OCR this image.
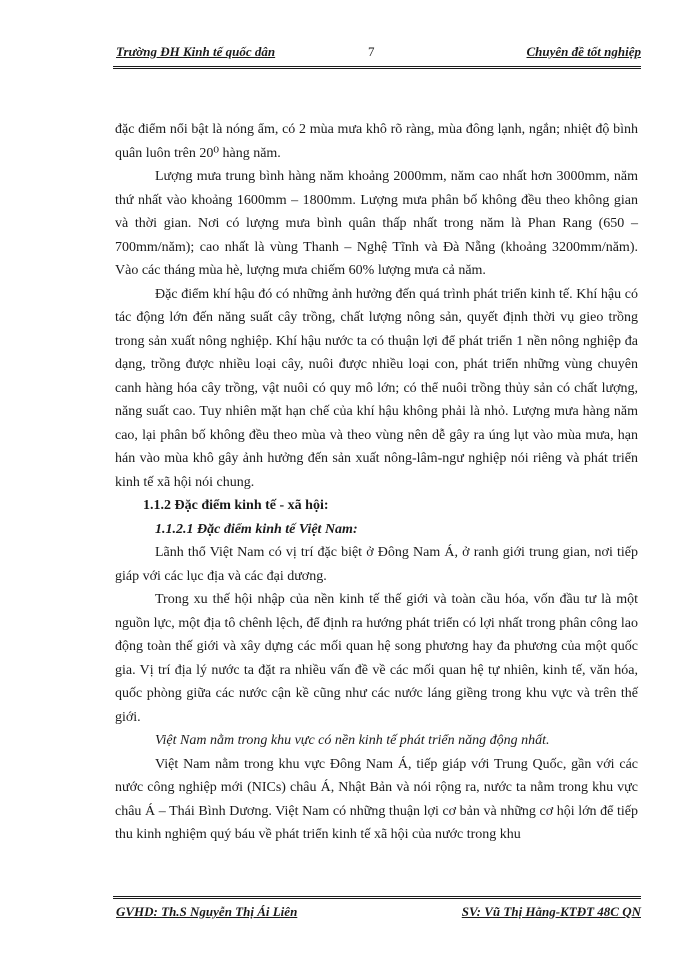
Trường ĐH Kinh tế quốc dân	7	Chuyên đề tốt nghiệp

đặc điểm nổi bật là nóng ẩm, có 2 mùa mưa khô rõ ràng, mùa đông lạnh, ngắn; nhiệt độ bình quân luôn trên 20⁰ hàng năm.

Lượng mưa trung bình hàng năm khoảng 2000mm, năm cao nhất hơn 3000mm, năm thứ nhất vào khoảng 1600mm – 1800mm. Lượng mưa phân bố không đều theo không gian và thời gian. Nơi có lượng mưa bình quân thấp nhất trong năm là Phan Rang (650 – 700mm/năm); cao nhất là vùng Thanh – Nghệ Tĩnh và Đà Nẵng (khoảng 3200mm/năm). Vào các tháng mùa hè, lượng mưa chiếm 60% lượng mưa cả năm.

Đặc điểm khí hậu đó có những ảnh hưởng đến quá trình phát triển kinh tế. Khí hậu có tác động lớn đến năng suất cây trồng, chất lượng nông sản, quyết định thời vụ gieo trồng trong sản xuất nông nghiệp. Khí hậu nước ta có thuận lợi để phát triển 1 nền nông nghiệp đa dạng, trồng được nhiều loại cây, nuôi được nhiều loại con, phát triển những vùng chuyên canh hàng hóa cây trồng, vật nuôi có quy mô lớn; có thể nuôi trồng thủy sản có chất lượng, năng suất cao. Tuy nhiên mặt hạn chế của khí hậu không phải là nhỏ. Lượng mưa hàng năm cao, lại phân bố không đều theo mùa và theo vùng nên dễ gây ra úng lụt vào mùa mưa, hạn hán vào mùa khô gây ảnh hưởng đến sản xuất nông-lâm-ngư nghiệp nói riêng và phát triển kinh tế xã hội nói chung.

1.1.2 Đặc điểm kinh tế - xã hội:

1.1.2.1 Đặc điểm kinh tế Việt Nam:

Lãnh thổ Việt Nam có vị trí đặc biệt ở Đông Nam Á, ở ranh giới trung gian, nơi tiếp giáp với các lục địa và các đại dương.

Trong xu thế hội nhập của nền kinh tế thế giới và toàn cầu hóa, vốn đầu tư là một nguồn lực, một địa tô chênh lệch, để định ra hướng phát triển có lợi nhất trong phân công lao động toàn thế giới và xây dựng các mối quan hệ song phương hay đa phương của một quốc gia. Vị trí địa lý nước ta đặt ra nhiều vấn đề về các mối quan hệ tự nhiên, kinh tế, văn hóa, quốc phòng giữa các nước cận kề cũng như các nước láng giềng trong khu vực và trên thế giới.

Việt Nam nằm trong khu vực có nền kinh tế phát triển năng động nhất.

Việt Nam nằm trong khu vực Đông Nam Á, tiếp giáp với Trung Quốc, gần với các nước công nghiệp mới (NICs) châu Á, Nhật Bản và nói rộng ra, nước ta nằm trong khu vực châu Á – Thái Bình Dương. Việt Nam có những thuận lợi cơ bản và những cơ hội lớn để tiếp thu kinh nghiệm quý báu về phát triển kinh tế xã hội của nước trong khu

GVHD: Th.S Nguyễn Thị Ái Liên	SV: Vũ Thị Hằng-KTĐT 48C QN
